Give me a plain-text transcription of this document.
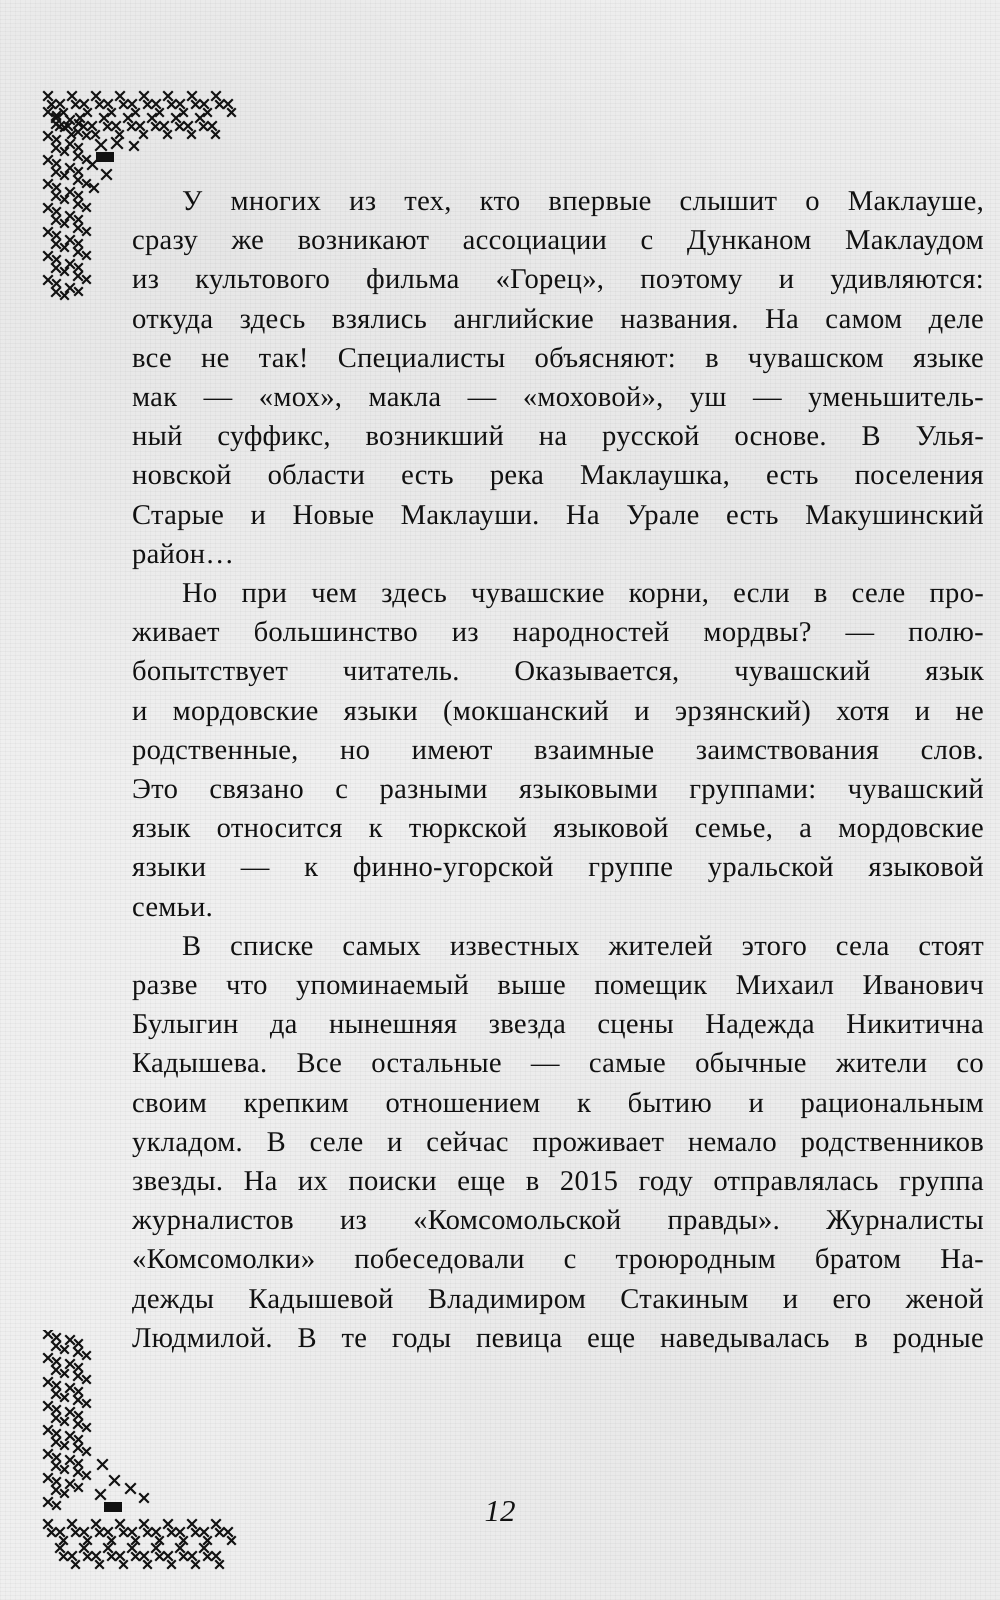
У многих из тех, кто впервые слышит о Маклауше,
сразу же возникают ассоциации с Дунканом Маклаудом
из культового фильма «Горец», поэтому и удивляются:
откуда здесь взялись английские названия. На самом деле
все не так! Специалисты объясняют: в чувашском языке
мак — «мох», макла — «моховой», уш — уменьшитель-
ный суффикс, возникший на русской основе. В Улья-
новской области есть река Маклаушка, есть поселения
Старые и Новые Маклауши. На Урале есть Макушинский
район…
Но при чем здесь чувашские корни, если в селе про-
живает большинство из народностей мордвы? — полю-
бопытствует читатель. Оказывается, чувашский язык
и мордовские языки (мокшанский и эрзянский) хотя и не
родственные, но имеют взаимные заимствования слов.
Это связано с разными языковыми группами: чувашский
язык относится к тюркской языковой семье, а мордовские
языки — к финно-угорской группе уральской языковой
семьи.
В списке самых известных жителей этого села стоят
разве что упоминаемый выше помещик Михаил Иванович
Булыгин да нынешняя звезда сцены Надежда Никитична
Кадышева. Все остальные — самые обычные жители со
своим крепким отношением к бытию и рациональным
укладом. В селе и сейчас проживает немало родственников
звезды. На их поиски еще в 2015 году отправлялась группа
журналистов из «Комсомольской правды». Журналисты
«Комсомолки» побеседовали с троюродным братом На-
дежды Кадышевой Владимиром Стакиным и его женой
Людмилой. В те годы певица еще наведывалась в родные
12
